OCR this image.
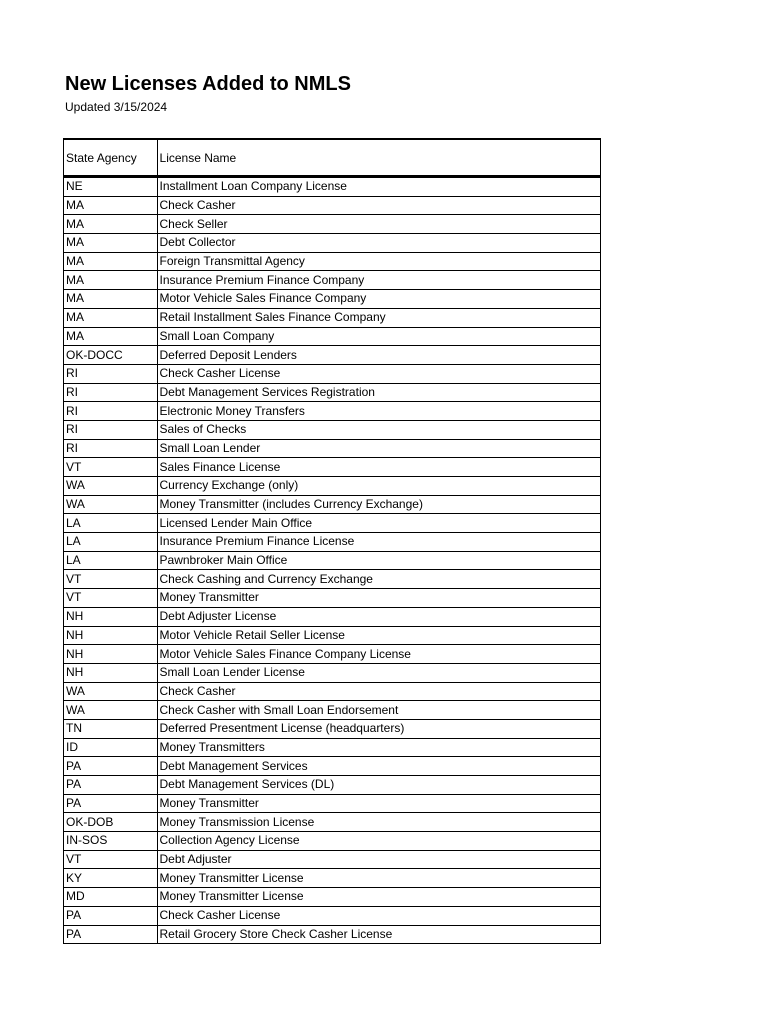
New Licenses Added to NMLS
Updated 3/15/2024
State Agency	License Name
NE	Installment Loan Company License
MA	Check Casher
MA	Check Seller
MA	Debt Collector
MA	Foreign Transmittal Agency
MA	Insurance Premium Finance Company
MA	Motor Vehicle Sales Finance Company
MA	Retail Installment Sales Finance Company
MA	Small Loan Company
OK-DOCC	Deferred Deposit Lenders
RI	Check Casher License
RI	Debt Management Services Registration
RI	Electronic Money Transfers
RI	Sales of Checks
RI	Small Loan Lender
VT	Sales Finance License
WA	Currency Exchange (only)
WA	Money Transmitter (includes Currency Exchange)
LA	Licensed Lender Main Office
LA	Insurance Premium Finance License
LA	Pawnbroker Main Office
VT	Check Cashing and Currency Exchange
VT	Money Transmitter
NH	Debt Adjuster License
NH	Motor Vehicle Retail Seller License
NH	Motor Vehicle Sales Finance Company License
NH	Small Loan Lender License
WA	Check Casher
WA	Check Casher with Small Loan Endorsement
TN	Deferred Presentment License (headquarters)
ID	Money Transmitters
PA	Debt Management Services
PA	Debt Management Services (DL)
PA	Money Transmitter
OK-DOB	Money Transmission License
IN-SOS	Collection Agency License
VT	Debt Adjuster
KY	Money Transmitter License
MD	Money Transmitter License
PA	Check Casher License
PA	Retail Grocery Store Check Casher License
